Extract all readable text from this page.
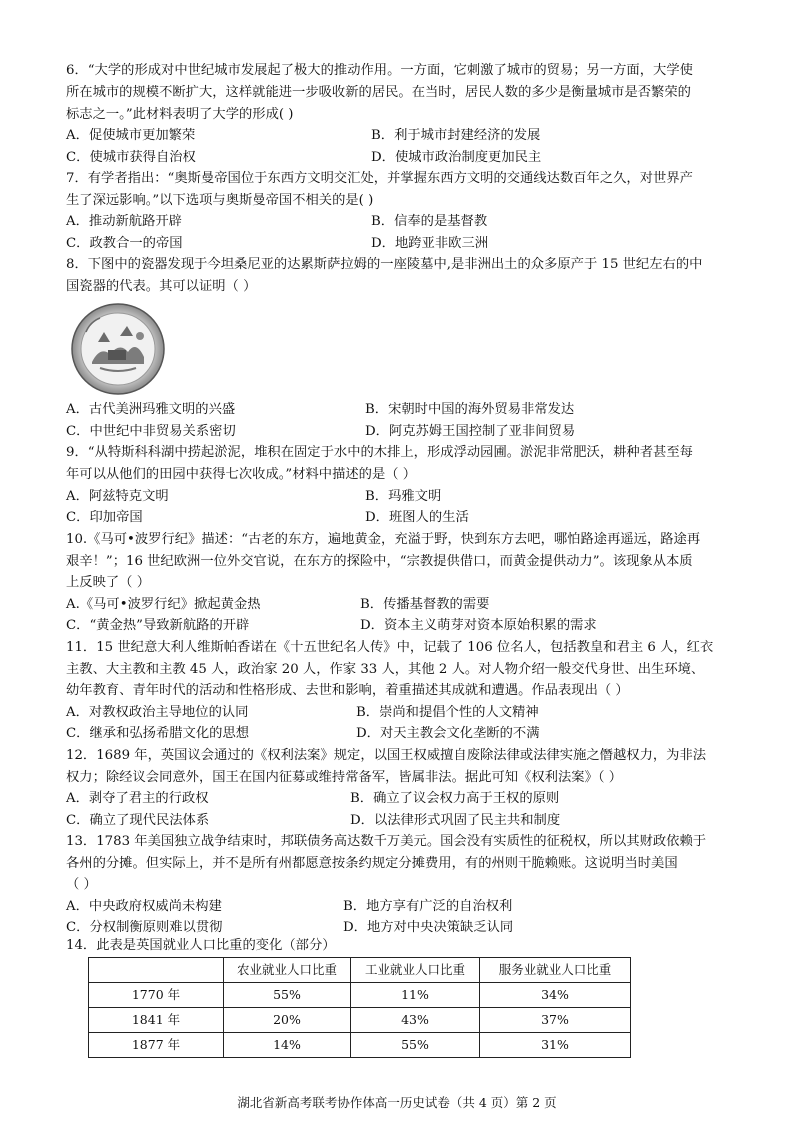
6．“大学的形成对中世纪城市发展起了极大的推动作用。一方面，它刺激了城市的贸易；另一方面，大学使
所在城市的规模不断扩大，这样就能进一步吸收新的居民。在当时，居民人数的多少是衡量城市是否繁荣的
标志之一。”此材料表明了大学的形成( )
A．促使城市更加繁荣	B．利于城市封建经济的发展
C．使城市获得自治权	D．使城市政治制度更加民主
7．有学者指出：“奥斯曼帝国位于东西方文明交汇处，并掌握东西方文明的交通线达数百年之久，对世界产
生了深远影响。”以下选项与奥斯曼帝国不相关的是( )
A．推动新航路开辟	B．信奉的是基督教
C．政教合一的帝国	D．地跨亚非欧三洲
8．下图中的瓷器发现于今坦桑尼亚的达累斯萨拉姆的一座陵墓中,是非洲出土的众多原产于 15 世纪左右的中
国瓷器的代表。其可以证明（ ）
A．古代美洲玛雅文明的兴盛	B．宋朝时中国的海外贸易非常发达
C．中世纪中非贸易关系密切	D．阿克苏姆王国控制了亚非间贸易
9．“从特斯科科湖中捞起淤泥，堆积在固定于水中的木排上，形成浮动园圃。淤泥非常肥沃，耕种者甚至每
年可以从他们的田园中获得七次收成。”材料中描述的是（ ）
A．阿兹特克文明	B．玛雅文明
C．印加帝国	D．班图人的生活
10.《马可•波罗行纪》描述：“古老的东方，遍地黄金，充溢于野，快到东方去吧，哪怕路途再遥远，路途再
艰辛！”；16 世纪欧洲一位外交官说，在东方的探险中，“宗教提供借口，而黄金提供动力”。该现象从本质
上反映了（ ）
A.《马可•波罗行纪》掀起黄金热	B．传播基督教的需要
C．“黄金热”导致新航路的开辟	D．资本主义萌芽对资本原始积累的需求
11．15 世纪意大利人维斯帕香诺在《十五世纪名人传》中，记载了 106 位名人，包括教皇和君主 6 人，红衣
主教、大主教和主教 45 人，政治家 20 人，作家 33 人，其他 2 人。对人物介绍一般交代身世、出生环境、
幼年教育、青年时代的活动和性格形成、去世和影响，着重描述其成就和遭遇。作品表现出（ ）
A．对教权政治主导地位的认同	B．崇尚和提倡个性的人文精神
C．继承和弘扬希腊文化的思想	D．对天主教会文化垄断的不满
12．1689 年，英国议会通过的《权利法案》规定，以国王权威擅自废除法律或法律实施之僭越权力，为非法
权力；除经议会同意外，国王在国内征募或维持常备军，皆属非法。据此可知《权利法案》（ ）
A．剥夺了君主的行政权	B．确立了议会权力高于王权的原则
C．确立了现代民法体系	D．以法律形式巩固了民主共和制度
13．1783 年美国独立战争结束时，邦联债务高达数千万美元。国会没有实质性的征税权，所以其财政依赖于
各州的分摊。但实际上，并不是所有州都愿意按条约规定分摊费用，有的州则干脆赖账。这说明当时美国
（ ）
A．中央政府权威尚未构建	B．地方享有广泛的自治权利
C．分权制衡原则难以贯彻	D．地方对中央决策缺乏认同
14．此表是英国就业人口比重的变化（部分）
	农业就业人口比重	工业就业人口比重	服务业就业人口比重
1770 年	55%	11%	34%
1841 年	20%	43%	37%
1877 年	14%	55%	31%
湖北省新高考联考协作体高一历史试卷（共 4 页）第 2 页
